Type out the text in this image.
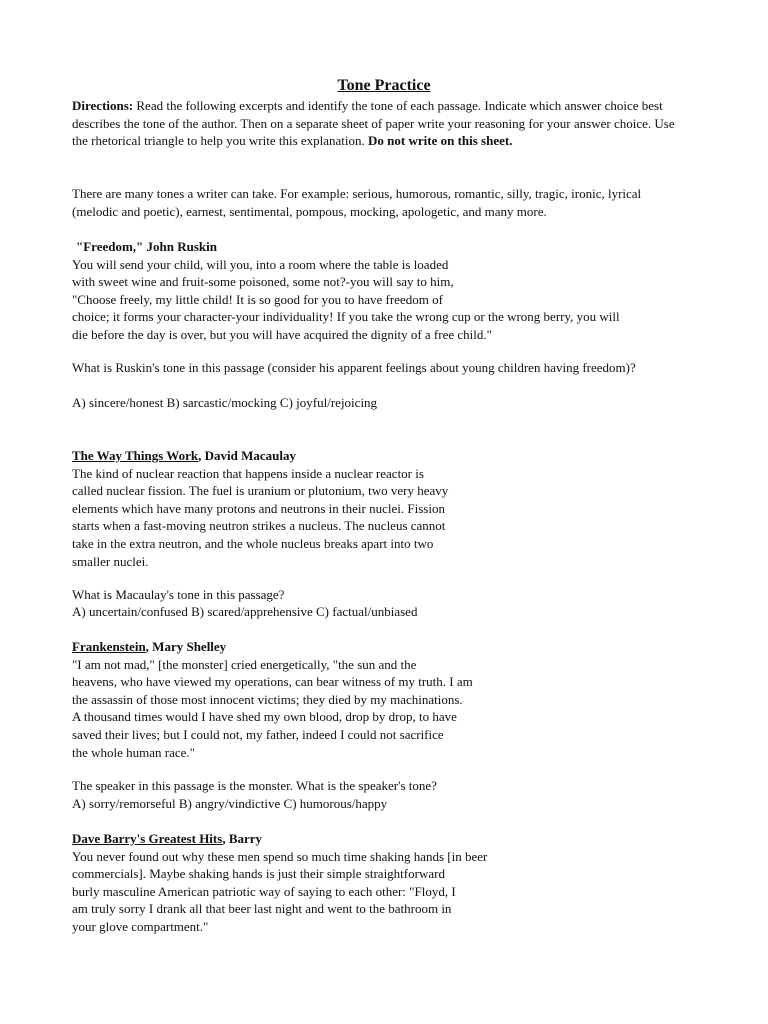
Tone Practice
Directions: Read the following excerpts and identify the tone of each passage. Indicate which answer choice best describes the tone of the author. Then on a separate sheet of paper write your reasoning for your answer choice. Use the rhetorical triangle to help you write this explanation. Do not write on this sheet.
There are many tones a writer can take. For example: serious, humorous, romantic, silly, tragic, ironic, lyrical (melodic and poetic), earnest, sentimental, pompous, mocking, apologetic, and many more.
"Freedom," John Ruskin
You will send your child, will you, into a room where the table is loaded
with sweet wine and fruit-some poisoned, some not?-you will say to him,
"Choose freely, my little child! It is so good for you to have freedom of
choice; it forms your character-your individuality! If you take the wrong cup or the wrong berry, you will
die before the day is over, but you will have acquired the dignity of a free child."
What is Ruskin's tone in this passage (consider his apparent feelings about young children having freedom)?
A) sincere/honest B) sarcastic/mocking C) joyful/rejoicing
The Way Things Work, David Macaulay
The kind of nuclear reaction that happens inside a nuclear reactor is
called nuclear fission. The fuel is uranium or plutonium, two very heavy
elements which have many protons and neutrons in their nuclei. Fission
starts when a fast-moving neutron strikes a nucleus. The nucleus cannot
take in the extra neutron, and the whole nucleus breaks apart into two
smaller nuclei.
What is Macaulay's tone in this passage?
A) uncertain/confused B) scared/apprehensive C) factual/unbiased
Frankenstein, Mary Shelley
"I am not mad," [the monster] cried energetically, "the sun and the
heavens, who have viewed my operations, can bear witness of my truth. I am
the assassin of those most innocent victims; they died by my machinations.
A thousand times would I have shed my own blood, drop by drop, to have
saved their lives; but I could not, my father, indeed I could not sacrifice
the whole human race."
The speaker in this passage is the monster. What is the speaker's tone?
A) sorry/remorseful B) angry/vindictive C) humorous/happy
Dave Barry's Greatest Hits, Barry
You never found out why these men spend so much time shaking hands [in beer
commercials]. Maybe shaking hands is just their simple straightforward
burly masculine American patriotic way of saying to each other: "Floyd, I
am truly sorry I drank all that beer last night and went to the bathroom in
your glove compartment."
